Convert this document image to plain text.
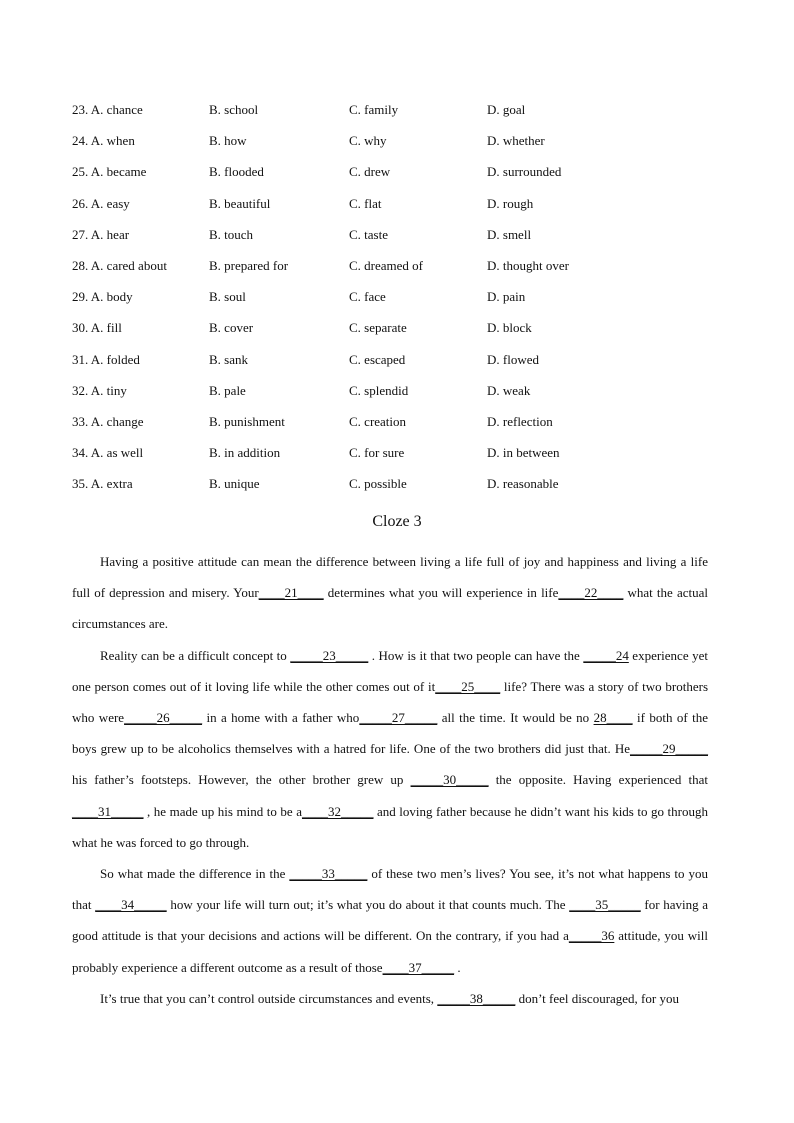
23. A. chance	B. school	C. family	D. goal
24. A. when	B. how	C. why	D. whether
25. A. became	B. flooded	C. drew	D. surrounded
26. A. easy	B. beautiful	C. flat	D. rough
27. A. hear	B. touch	C. taste	D. smell
28. A. cared about	B. prepared for	C. dreamed of	D. thought over
29. A. body	B. soul	C. face	D. pain
30. A. fill	B. cover	C. separate	D. block
31. A. folded	B. sank	C. escaped	D. flowed
32. A. tiny	B. pale	C. splendid	D. weak
33. A. change	B. punishment	C. creation	D. reflection
34. A. as well	B. in addition	C. for sure	D. in between
35. A. extra	B. unique	C. possible	D. reasonable
Cloze 3

Having a positive attitude can mean the difference between living a life full of joy and happiness and living a life full of depression and misery. Your____21____ determines what you will experience in life____22____ what the actual circumstances are.

Reality can be a difficult concept to _____23_____ . How is it that two people can have the _____24 experience yet one person comes out of it loving life while the other comes out of it____25____ life? There was a story of two brothers who were_____26_____ in a home with a father who_____27_____ all the time. It would be no 28____ if both of the boys grew up to be alcoholics themselves with a hatred for life. One of the two brothers did just that. He_____29_____ his father’s footsteps. However, the other brother grew up _____30_____ the opposite. Having experienced that ____31_____ , he made up his mind to be a____32_____ and loving father because he didn’t want his kids to go through what he was forced to go through.

So what made the difference in the _____33_____ of these two men’s lives? You see, it’s not what happens to you that ____34_____ how your life will turn out; it’s what you do about it that counts much. The ____35_____ for having a good attitude is that your decisions and actions will be different. On the contrary, if you had a_____36 attitude, you will probably experience a different outcome as a result of those____37_____ .

It’s true that you can’t control outside circumstances and events, _____38_____ don’t feel discouraged, for you
